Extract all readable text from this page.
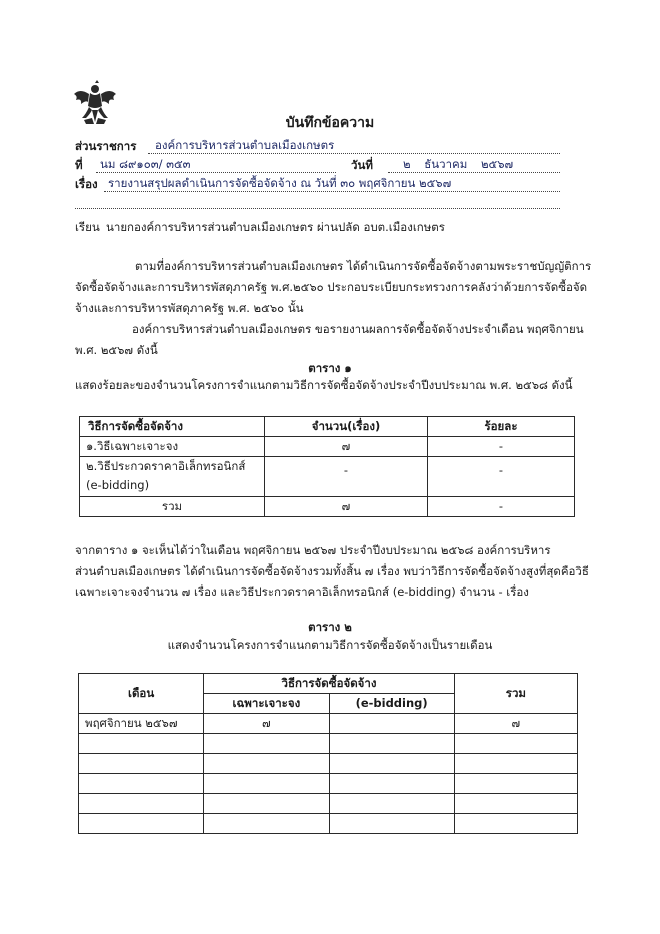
บันทึกข้อความ
ส่วนราชการ องค์การบริหารส่วนตำบลเมืองเกษตร
ที่ นม ๘๙๑๐๓/ ๓๕๓	วันที่	๒ ธันวาคม ๒๕๖๗
เรื่อง รายงานสรุปผลดำเนินการจัดซื้อจัดจ้าง ณ วันที่ ๓๐ พฤศจิกายน ๒๕๖๗
เรียน นายกองค์การบริหารส่วนตำบลเมืองเกษตร ผ่านปลัด อบต.เมืองเกษตร
ตามที่องค์การบริหารส่วนตำบลเมืองเกษตร ได้ดำเนินการจัดซื้อจัดจ้างตามพระราชบัญญัติการ
จัดซื้อจัดจ้างและการบริหารพัสดุภาครัฐ พ.ศ.๒๕๖๐ ประกอบระเบียบกระทรวงการคลังว่าด้วยการจัดซื้อจัด
จ้างและการบริหารพัสดุภาครัฐ พ.ศ. ๒๕๖๐ นั้น
องค์การบริหารส่วนตำบลเมืองเกษตร ขอรายงานผลการจัดซื้อจัดจ้างประจำเดือน พฤศจิกายน
พ.ศ. ๒๕๖๗ ดังนี้
ตาราง ๑
แสดงร้อยละของจำนวนโครงการจำแนกตามวิธีการจัดซื้อจัดจ้างประจำปีงบประมาณ พ.ศ. ๒๕๖๘ ดังนี้
วิธีการจัดซื้อจัดจ้าง	จำนวน(เรื่อง)	ร้อยละ
๑.วิธีเฉพาะเจาะจง	๗	-

๒.วิธีประกวดราคาอิเล็กทรอนิกส์
(e-bidding)	-	-
รวม	๗	-
จากตาราง ๑ จะเห็นได้ว่าในเดือน พฤศจิกายน ๒๕๖๗ ประจำปีงบประมาณ ๒๕๖๘ องค์การบริหาร
ส่วนตำบลเมืองเกษตร ได้ดำเนินการจัดซื้อจัดจ้างรวมทั้งสิ้น ๗ เรื่อง พบว่าวิธีการจัดซื้อจัดจ้างสูงที่สุดคือวิธี
เฉพาะเจาะจงจำนวน ๗ เรื่อง และวิธีประกวดราคาอิเล็กทรอนิกส์ (e-bidding) จำนวน - เรื่อง
ตาราง ๒
แสดงจำนวนโครงการจำแนกตามวิธีการจัดซื้อจัดจ้างเป็นรายเดือน
เดือน	วิธีการจัดซื้อจัดจ้าง		รวม
	เฉพาะเจาะจง	(e-bidding)	
พฤศจิกายน ๒๕๖๗	๗		๗
